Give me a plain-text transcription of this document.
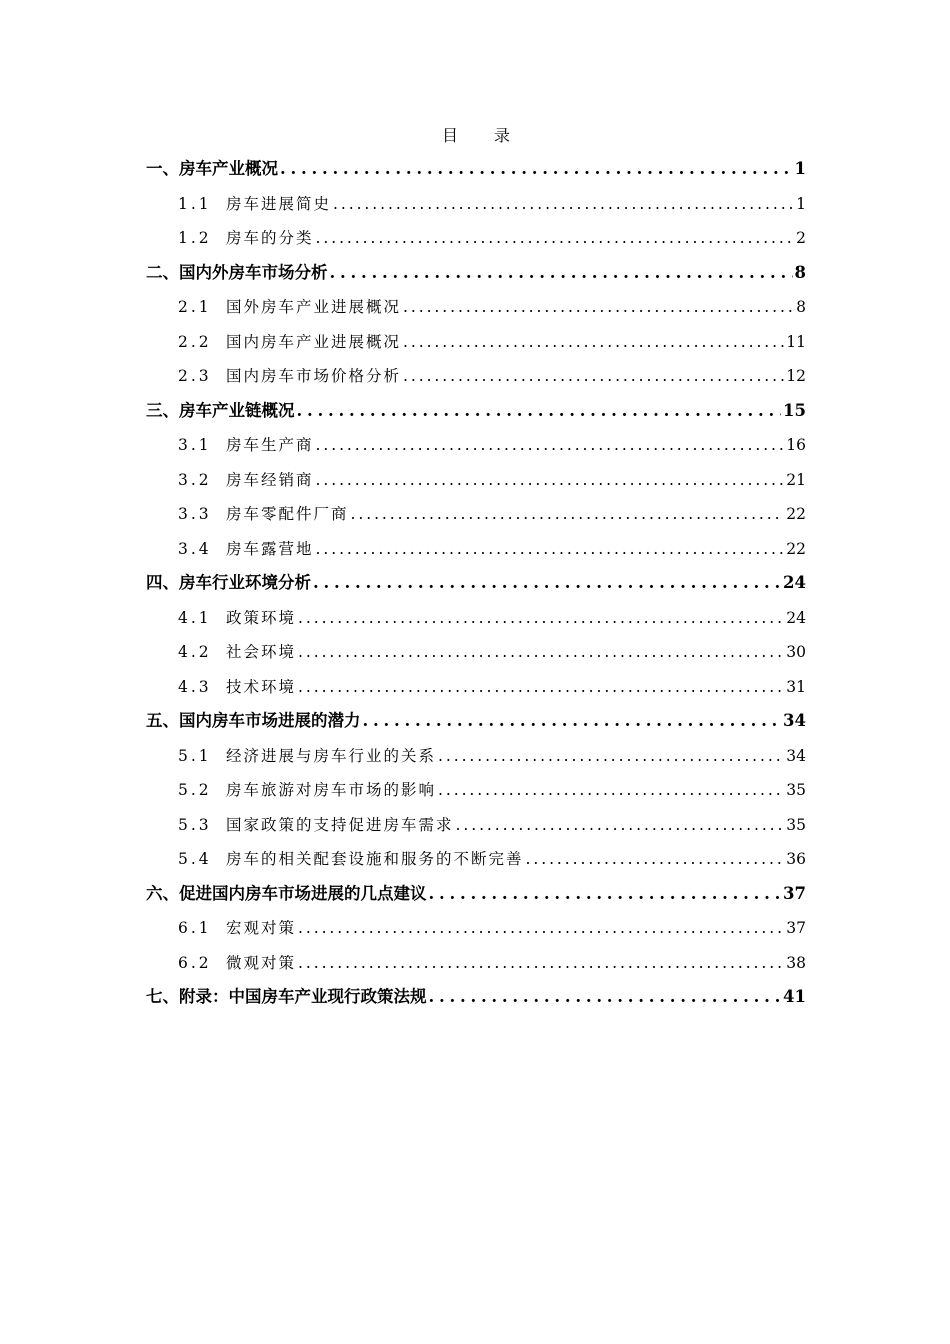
目录
一、房车产业概况 . . .	1
1.1 房车进展简史 . . .	1
1.2 房车的分类 . . .	2
二、国内外房车市场分析 . . .	8
2.1 国外房车产业进展概况 . . .	8
2.2 国内房车产业进展概况 . . .	11
2.3 国内房车市场价格分析 . . .	12
三、房车产业链概况 . . .	15
3.1 房车生产商 . . .	16
3.2 房车经销商 . . .	21
3.3 房车零配件厂商 . . .	22
3.4 房车露营地 . . .	22
四、房车行业环境分析 . . .	24
4.1 政策环境 . . .	24
4.2 社会环境 . . .	30
4.3 技术环境 . . .	31
五、国内房车市场进展的潜力 . . .	34
5.1 经济进展与房车行业的关系 . . .	34
5.2 房车旅游对房车市场的影响 . . .	35
5.3 国家政策的支持促进房车需求 . . .	35
5.4 房车的相关配套设施和服务的不断完善 . . .	36
六、促进国内房车市场进展的几点建议 . . .	37
6.1 宏观对策 . . .	37
6.2 微观对策 . . .	38
七、附录：中国房车产业现行政策法规 . . .	41
